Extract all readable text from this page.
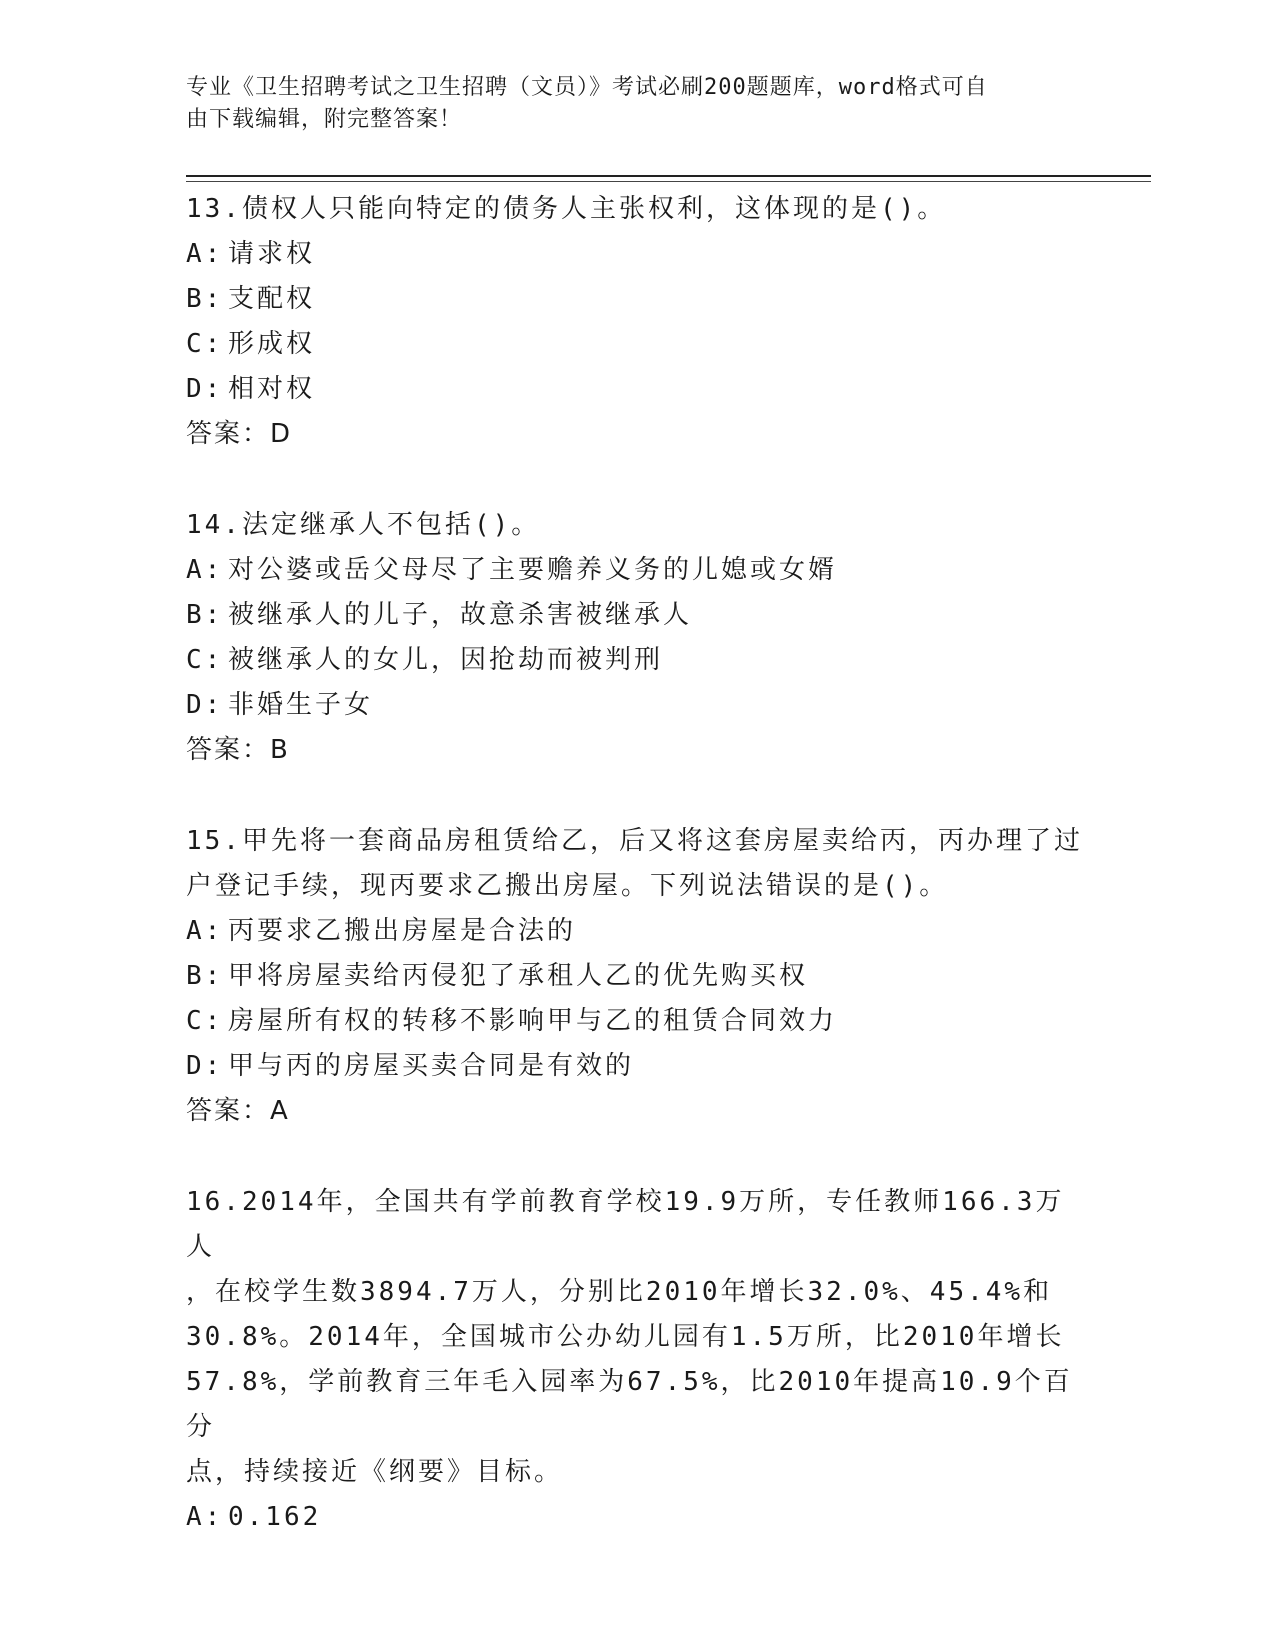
专业《卫生招聘考试之卫生招聘（文员）》考试必刷200题题库，word格式可自
由下载编辑，附完整答案！
13.债权人只能向特定的债务人主张权利，这体现的是()。
A: 请求权
B: 支配权
C: 形成权
D: 相对权
答案：D
14.法定继承人不包括()。
A: 对公婆或岳父母尽了主要赡养义务的儿媳或女婿
B: 被继承人的儿子，故意杀害被继承人
C: 被继承人的女儿，因抢劫而被判刑
D: 非婚生子女
答案：B
15.甲先将一套商品房租赁给乙，后又将这套房屋卖给丙，丙办理了过
户登记手续，现丙要求乙搬出房屋。下列说法错误的是()。
A: 丙要求乙搬出房屋是合法的
B: 甲将房屋卖给丙侵犯了承租人乙的优先购买权
C: 房屋所有权的转移不影响甲与乙的租赁合同效力
D: 甲与丙的房屋买卖合同是有效的
答案：A
16.2014年，全国共有学前教育学校19.9万所，专任教师166.3万人
，在校学生数3894.7万人，分别比2010年增长32.0%、45.4%和
30.8%。2014年，全国城市公办幼儿园有1.5万所，比2010年增长
57.8%，学前教育三年毛入园率为67.5%，比2010年提高10.9个百分
点，持续接近《纲要》目标。
A: 0.162
